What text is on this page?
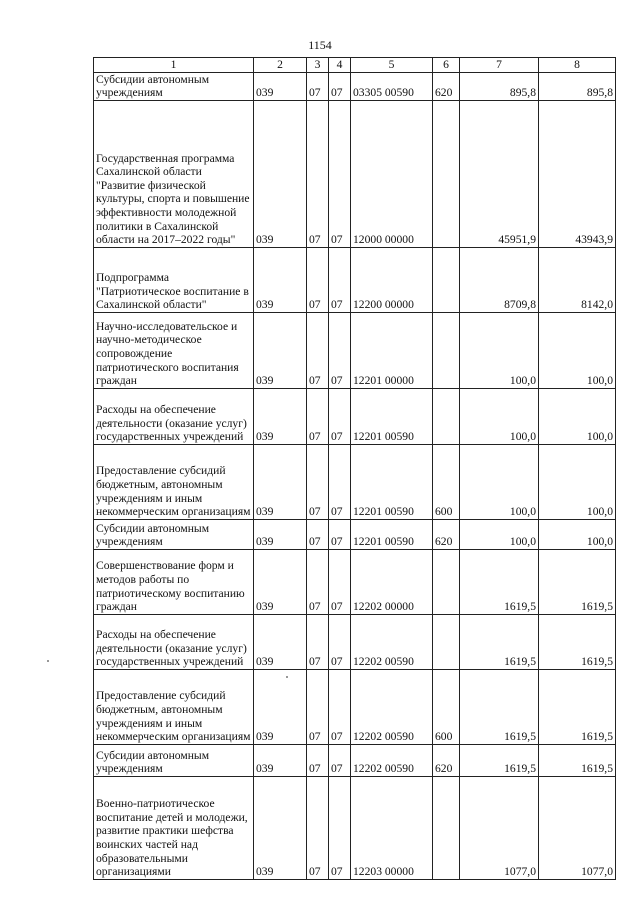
1154
1	2	3	4	5	6	7	8
Субсидии автономным учреждениям	039	07	07	03305 00590	620	895,8	895,8
Государственная программа Сахалинской области "Развитие физической культуры, спорта и повышение эффективности молодежной политики в Сахалинской области на 2017–2022 годы"	039	07	07	12000 00000		45951,9	43943,9
Подпрограмма "Патриотическое воспитание в Сахалинской области"	039	07	07	12200 00000		8709,8	8142,0
Научно-исследовательское и научно-методическое сопровождение патриотического воспитания граждан	039	07	07	12201 00000		100,0	100,0
Расходы на обеспечение деятельности (оказание услуг) государственных учреждений	039	07	07	12201 00590		100,0	100,0
Предоставление субсидий бюджетным, автономным учреждениям и иным некоммерческим организациям	039	07	07	12201 00590	600	100,0	100,0
Субсидии автономным учреждениям	039	07	07	12201 00590	620	100,0	100,0
Совершенствование форм и методов работы по патриотическому воспитанию граждан	039	07	07	12202 00000		1619,5	1619,5
Расходы на обеспечение деятельности (оказание услуг) государственных учреждений	039	07	07	12202 00590		1619,5	1619,5
Предоставление субсидий бюджетным, автономным учреждениям и иным некоммерческим организациям	039	07	07	12202 00590	600	1619,5	1619,5
Субсидии автономным учреждениям	039	07	07	12202 00590	620	1619,5	1619,5
Военно-патриотическое воспитание детей и молодежи, развитие практики шефства воинских частей над образовательными организациями	039	07	07	12203 00000		1077,0	1077,0
